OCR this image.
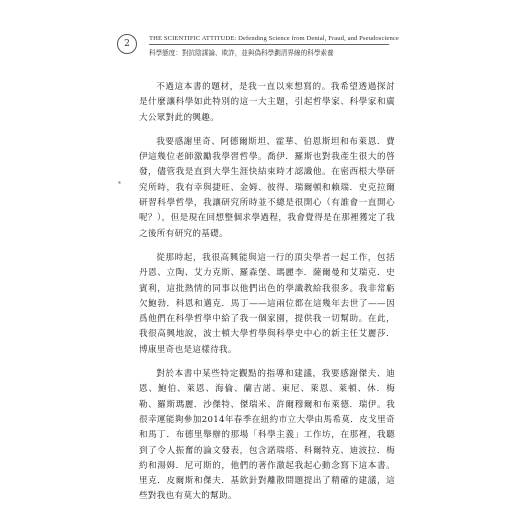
2
THE SCIENTIFIC ATTITUDE: Defending Science from Denial, Fraud, and Pseudoscience
科學態度：對抗陰謀論、欺詐，並與偽科學劃清界線的科學素養
*

不過這本書的題材，是我一直以來想寫的。我希望透過探討是什麼讓科學如此特別的這一大主題，引起哲學家、科學家和廣大公眾對此的興趣。

我要感謝里奇、阿德爾斯坦、霍華、伯恩斯坦和布萊恩．費伊這幾位老師激勵我學習哲學。喬伊．羅斯也對我產生很大的啓發，儘管我是直到大學生涯快結束時才認識他。在密西根大學研究所時，我有幸與捷旺、金姆、彼得、瑞爾頓和賴瑞．史克拉爾研習科學哲學，我讓研究所時並不總是很開心（有誰會一直開心呢？），但是現在回想整個求學過程，我會覺得是在那裡獲定了我之後所有研究的基礎。

從那時起，我很高興能與這一行的頂尖學者一起工作，包括丹恩、立陶、艾力克斯、羅森堡、瑪麗李．薩爾曼和艾瑞克．史賓利，這批熱情的同事以他們出色的學識教給我很多。我非常虧欠鮑勃．科恩和邁克．馬丁——這兩位都在這幾年去世了——因爲他們在科學哲學中給了我一個家園，提供我一切幫助。在此，我很高興地說，波士頓大學哲學與科學史中心的新主任艾麗莎．博康里奇也是這樣待我。

對於本書中某些特定觀點的指導和建議，我要感謝傑夫、迪恩、鮑伯、萊恩、海倫、蘭吉諾、東尼、萊恩、萊頓、休．梅勒、羅斯瑪麗．沙傑特、傑瑞米、許爾穆爾和布萊德．瑞伊。我很幸運能夠參加2014年春季在紐約市立大學由馬希莫．皮戈里奇和馬丁．布德里舉辦的那場「科學主義」工作坊，在那裡，我聽到了令人振奮的論文發表，包含諾瑞塔、科爾特克、迪波拉．梅約和湯姆．尼可斯的，他們的著作激起我起心動念寫下這本書。里克．皮爾斯和傑夫．基欽針對離散問題提出了精確的建議，這些對我也有莫大的幫助。
